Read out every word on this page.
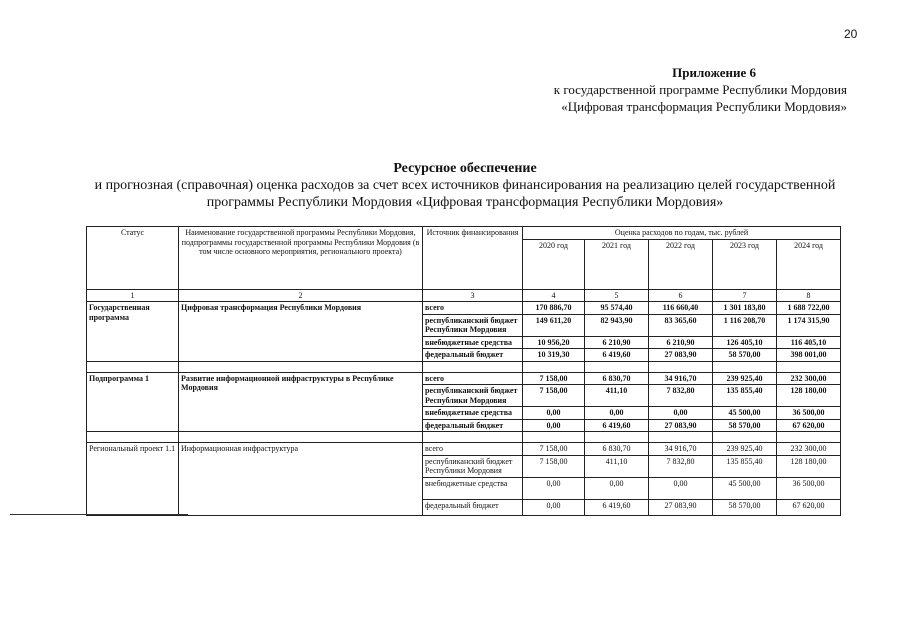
20
Приложение 6
к государственной программе Республики Мордовия
«Цифровая трансформация Республики Мордовия»
Ресурсное обеспечение
и прогнозная (справочная) оценка расходов за счет всех источников финансирования на реализацию целей государственной
программы Республики Мордовия «Цифровая трансформация Республики Мордовия»
Статус	Наименование государственной программы Республики Мордовия, подпрограммы государственной программы Республики Мордовия (в том числе основного мероприятия, регионального проекта)	Источник финансирования	Оценка расходов по годам, тыс. рублей				
			2020 год	2021 год	2022 год	2023 год	2024 год
1	2	3	4	5	6	7	8
Государственная программа	Цифровая трансформация Республики Мордовия	всего	170 886,70	95 574,40	116 660,40	1 301 183,80	1 688 722,00
		республиканский бюджет Республики Мордовия	149 611,20	82 943,90	83 365,60	1 116 208,70	1 174 315,90
		внебюджетные средства	10 956,20	6 210,90	6 210,90	126 405,10	116 405,10
		федеральный бюджет	10 319,30	6 419,60	27 083,90	58 570,00	398 001,00

Подпрограмма 1	Развитие информационной инфраструктуры в Республике Мордовия	всего	7 158,00	6 830,70	34 916,70	239 925,40	232 300,00
		республиканский бюджет Республики Мордовия	7 158,00	411,10	7 832,80	135 855,40	128 180,00
		внебюджетные средства	0,00	0,00	0,00	45 500,00	36 500,00
		федеральный бюджет	0,00	6 419,60	27 083,90	58 570,00	67 620,00

Региональный проект 1.1	Информационная инфраструктура	всего	7 158,00	6 830,70	34 916,70	239 925,40	232 300,00
		республиканский бюджет Республики Мордовия	7 158,00	411,10	7 832,80	135 855,40	128 180,00
		внебюджетные средства	0,00	0,00	0,00	45 500,00	36 500,00
		федеральный бюджет	0,00	6 419,60	27 083,90	58 570,00	67 620,00
